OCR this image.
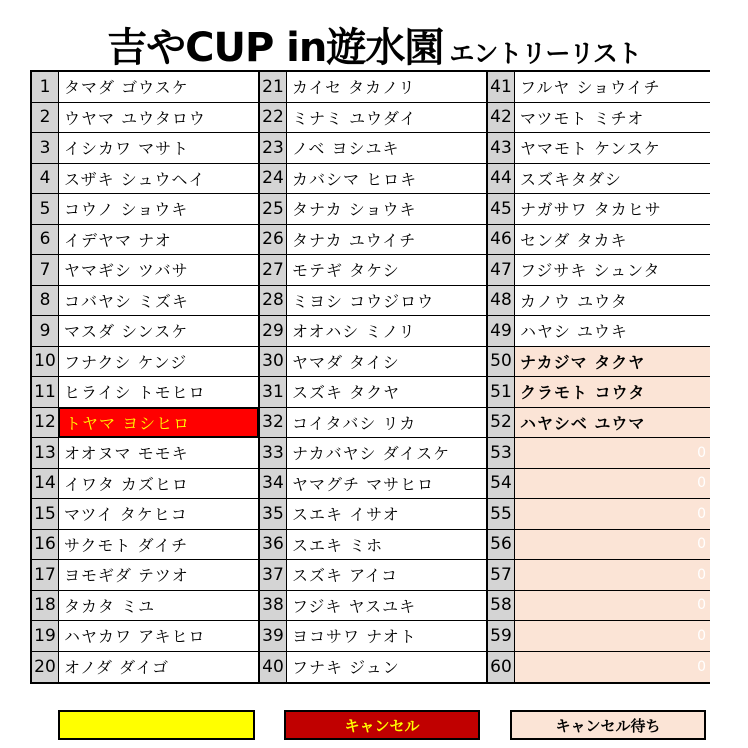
吉やCUP in遊水園 エントリーリスト
1 タマダ ゴウスケ
2 ウヤマ ユウタロウ
3 イシカワ マサト
4 スザキ シュウヘイ
5 コウノ ショウキ
6 イデヤマ ナオ
7 ヤマギシ ツバサ
8 コバヤシ ミズキ
9 マスダ シンスケ
10 フナクシ ケンジ
11 ヒライシ トモヒロ
12 トヤマ ヨシヒロ
13 オオヌマ モモキ
14 イワタ カズヒロ
15 マツイ タケヒコ
16 サクモト ダイチ
17 ヨモギダ テツオ
18 タカタ ミユ
19 ハヤカワ アキヒロ
20 オノダ ダイゴ
21 カイセ タカノリ
22 ミナミ ユウダイ
23 ノベ ヨシユキ
24 カバシマ ヒロキ
25 タナカ ショウキ
26 タナカ ユウイチ
27 モテギ タケシ
28 ミヨシ コウジロウ
29 オオハシ ミノリ
30 ヤマダ タイシ
31 スズキ タクヤ
32 コイタバシ リカ
33 ナカバヤシ ダイスケ
34 ヤマグチ マサヒロ
35 スエキ イサオ
36 スエキ ミホ
37 スズキ アイコ
38 フジキ ヤスユキ
39 ヨコサワ ナオト
40 フナキ ジュン
41 フルヤ ショウイチ
42 マツモト ミチオ
43 ヤマモト ケンスケ
44 スズキタダシ
45 ナガサワ タカヒサ
46 センダ タカキ
47 フジサキ シュンタ
48 カノウ ユウタ
49 ハヤシ ユウキ
50 ナカジマ タクヤ
51 クラモト コウタ
52 ハヤシベ ユウマ
53	0
54	0
55	0
56	0
57	0
58	0
59	0
60	0
キャンセル	キャンセル待ち
